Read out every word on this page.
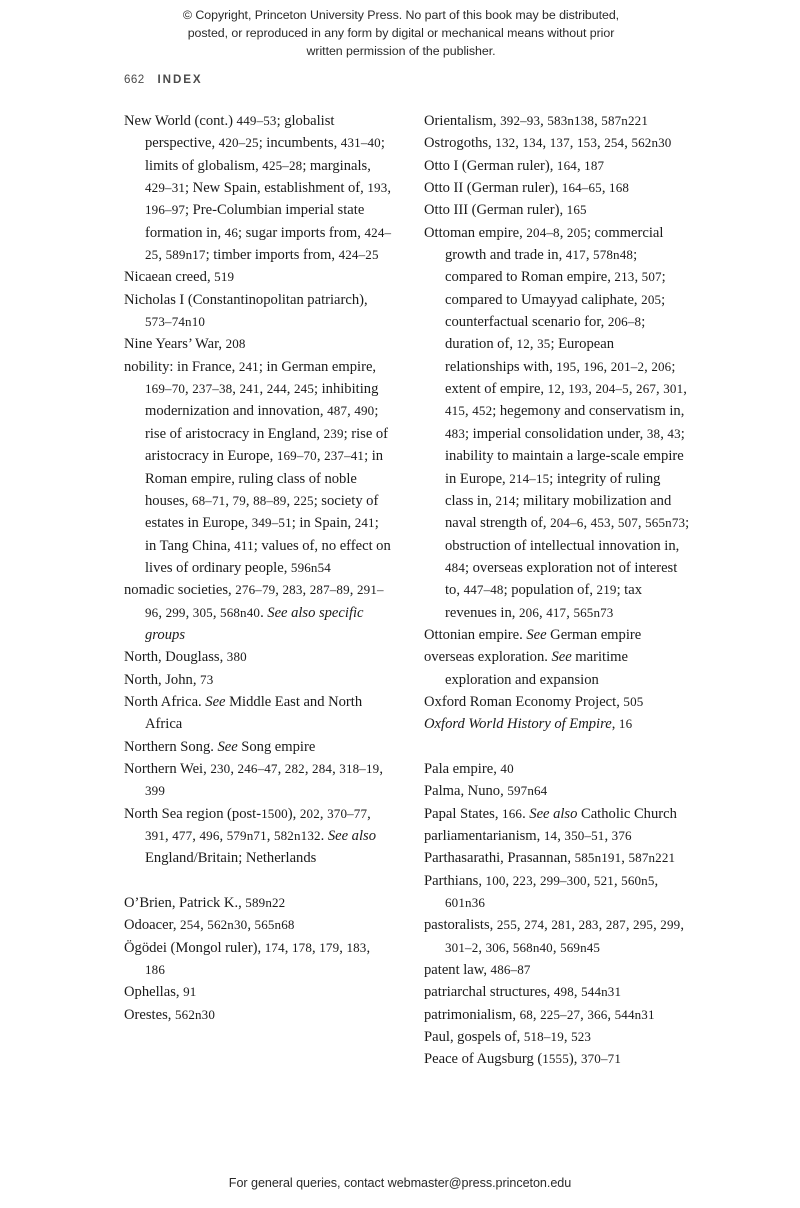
© Copyright, Princeton University Press. No part of this book may be distributed, posted, or reproduced in any form by digital or mechanical means without prior written permission of the publisher.
662 INDEX

New World (cont.) 449–53; globalist perspective, 420–25; incumbents, 431–40; limits of globalism, 425–28; marginals, 429–31; New Spain, establishment of, 193, 196–97; Pre-Columbian imperial state formation in, 46; sugar imports from, 424–25, 589n17; timber imports from, 424–25

Nicaean creed, 519

Nicholas I (Constantinopolitan patriarch), 573–74n10

Nine Years’ War, 208

nobility: in France, 241; in German empire, 169–70, 237–38, 241, 244, 245; inhibiting modernization and innovation, 487, 490; rise of aristocracy in England, 239; rise of aristocracy in Europe, 169–70, 237–41; in Roman empire, ruling class of noble houses, 68–71, 79, 88–89, 225; society of estates in Europe, 349–51; in Spain, 241; in Tang China, 411; values of, no effect on lives of ordinary people, 596n54

nomadic societies, 276–79, 283, 287–89, 291–96, 299, 305, 568n40. See also specific groups

North, Douglass, 380

North, John, 73

North Africa. See Middle East and North Africa

Northern Song. See Song empire

Northern Wei, 230, 246–47, 282, 284, 318–19, 399

North Sea region (post-1500), 202, 370–77, 391, 477, 496, 579n71, 582n132. See also England/Britain; Netherlands

O’Brien, Patrick K., 589n22

Odoacer, 254, 562n30, 565n68

Ögödei (Mongol ruler), 174, 178, 179, 183, 186

Ophellas, 91

Orestes, 562n30

Orientalism, 392–93, 583n138, 587n221

Ostrogoths, 132, 134, 137, 153, 254, 562n30

Otto I (German ruler), 164, 187

Otto II (German ruler), 164–65, 168

Otto III (German ruler), 165

Ottoman empire, 204–8, 205; commercial growth and trade in, 417, 578n48; compared to Roman empire, 213, 507; compared to Umayyad caliphate, 205; counterfactual scenario for, 206–8; duration of, 12, 35; European relationships with, 195, 196, 201–2, 206; extent of empire, 12, 193, 204–5, 267, 301, 415, 452; hegemony and conservatism in, 483; imperial consolidation under, 38, 43; inability to maintain a large-scale empire in Europe, 214–15; integrity of ruling class in, 214; military mobilization and naval strength of, 204–6, 453, 507, 565n73; obstruction of intellectual innovation in, 484; overseas exploration not of interest to, 447–48; population of, 219; tax revenues in, 206, 417, 565n73

Ottonian empire. See German empire

overseas exploration. See maritime exploration and expansion

Oxford Roman Economy Project, 505

Oxford World History of Empire, 16

Pala empire, 40

Palma, Nuno, 597n64

Papal States, 166. See also Catholic Church

parliamentarianism, 14, 350–51, 376

Parthasarathi, Prasannan, 585n191, 587n221

Parthians, 100, 223, 299–300, 521, 560n5, 601n36

pastoralists, 255, 274, 281, 283, 287, 295, 299, 301–2, 306, 568n40, 569n45

patent law, 486–87

patriarchal structures, 498, 544n31

patrimonialism, 68, 225–27, 366, 544n31

Paul, gospels of, 518–19, 523

Peace of Augsburg (1555), 370–71

For general queries, contact webmaster@press.princeton.edu
